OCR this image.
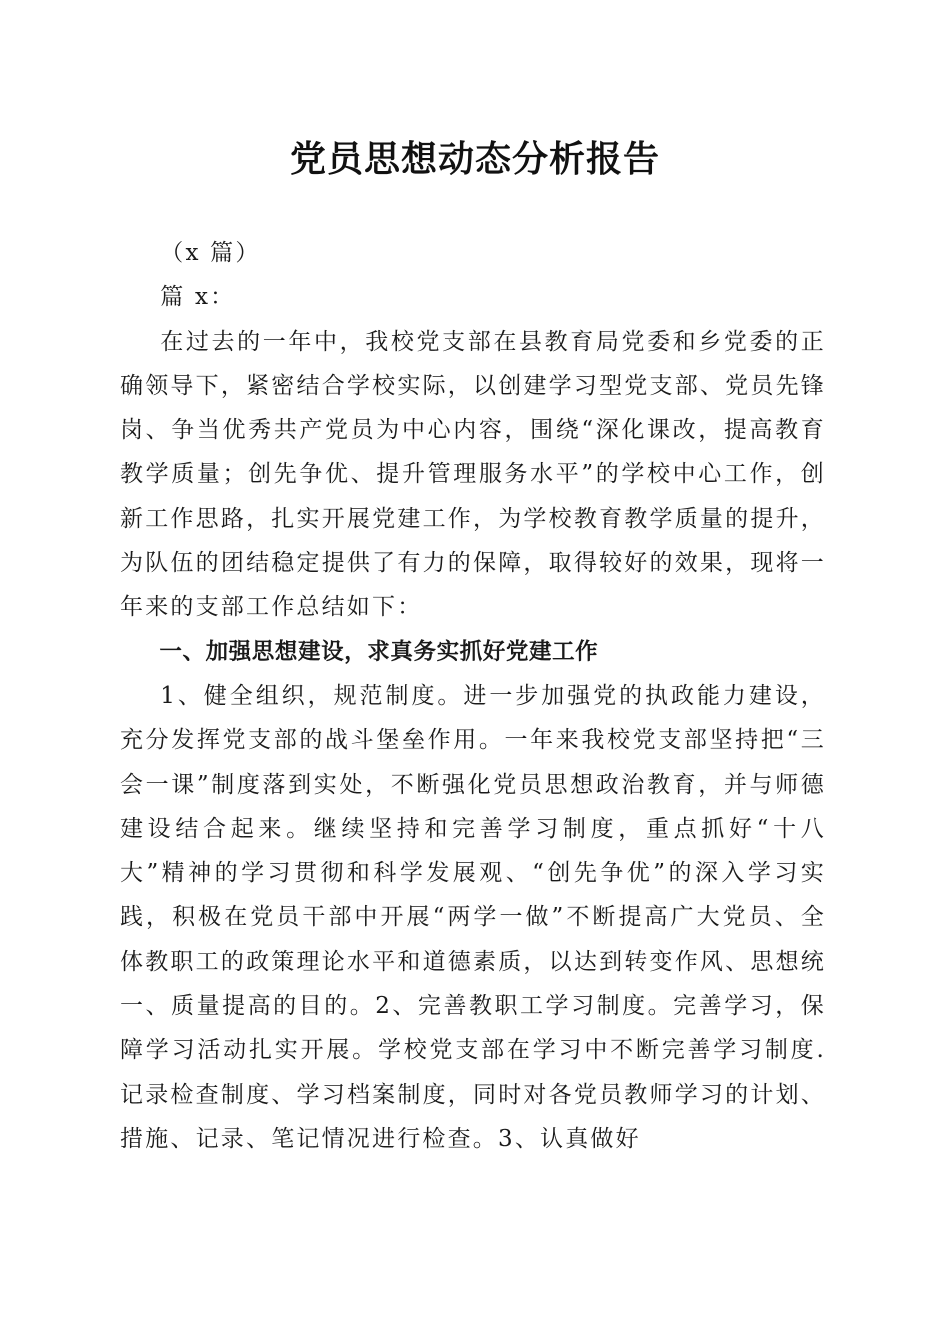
党员思想动态分析报告

（x 篇）

篇 x：

在过去的一年中，我校党支部在县教育局党委和乡党委的正确领导下，紧密结合学校实际，以创建学习型党支部、党员先锋岗、争当优秀共产党员为中心内容，围绕“深化课改，提高教育教学质量；创先争优、提升管理服务水平”的学校中心工作，创新工作思路，扎实开展党建工作，为学校教育教学质量的提升，为队伍的团结稳定提供了有力的保障，取得较好的效果，现将一年来的支部工作总结如下：

一、加强思想建设，求真务实抓好党建工作

1、健全组织，规范制度。进一步加强党的执政能力建设，充分发挥党支部的战斗堡垒作用。一年来我校党支部坚持把“三会一课”制度落到实处，不断强化党员思想政治教育，并与师德建设结合起来。继续坚持和完善学习制度，重点抓好“十八大”精神的学习贯彻和科学发展观、“创先争优”的深入学习实践，积极在党员干部中开展“两学一做”不断提高广大党员、全体教职工的政策理论水平和道德素质，以达到转变作风、思想统一、质量提高的目的。2、完善教职工学习制度。完善学习，保障学习活动扎实开展。学校党支部在学习中不断完善学习制度.记录检查制度、学习档案制度，同时对各党员教师学习的计划、措施、记录、笔记情况进行检查。3、认真做好
